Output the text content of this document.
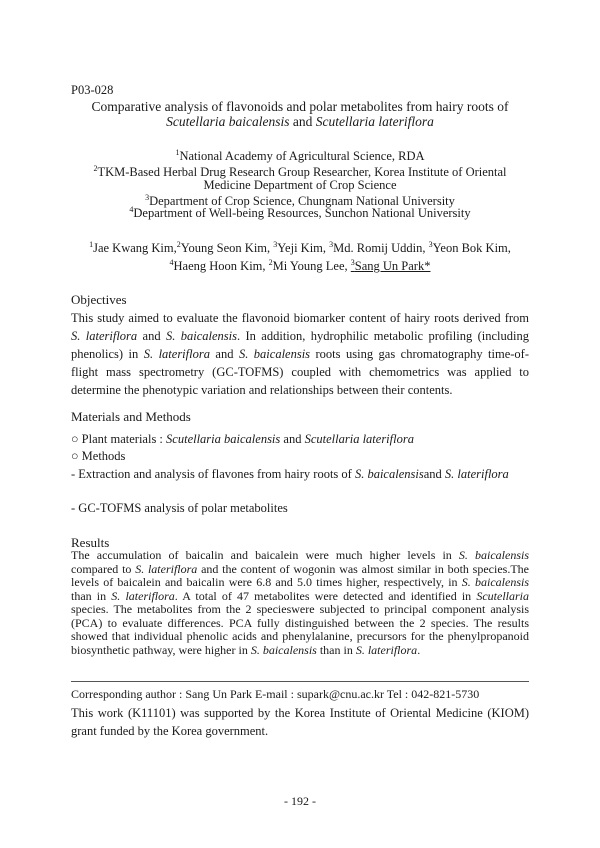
P03-028
Comparative analysis of flavonoids and polar metabolites from hairy roots of
Scutellaria baicalensis and Scutellaria lateriflora
$^1$National Academy of Agricultural Science, RDA
$^2$TKM-Based Herbal Drug Research Group Researcher, Korea Institute of Oriental
Medicine Department of Crop Science
$^3$Department of Crop Science, Chungnam National University
$^4$Department of Well-being Resources, Sunchon National University
$^1$Jae Kwang Kim,$^2$Young Seon Kim, $^3$Yeji Kim, $^3$Md. Romij Uddin, $^3$Yeon Bok Kim,
$^4$Haeng Hoon Kim, $^2$Mi Young Lee, $^3$Sang Un Park*
Objectives
This study aimed to evaluate the flavonoid biomarker content of hairy roots derived from S. lateriflora and S. baicalensis. In addition, hydrophilic metabolic profiling (including phenolics) in S. lateriflora and S. baicalensis roots using gas chromatography time-of-flight mass spectrometry (GC-TOFMS) coupled with chemometrics was applied to determine the phenotypic variation and relationships between their contents.
Materials and Methods
○ Plant materials : Scutellaria baicalensis and Scutellaria lateriflora
○ Methods
- Extraction and analysis of flavones from hairy roots of S. baicalensisand S. lateriflora
- GC-TOFMS analysis of polar metabolites
Results
The accumulation of baicalin and baicalein were much higher levels in S. baicalensis compared to S. lateriflora and the content of wogonin was almost similar in both species.The levels of baicalein and baicalin were 6.8 and 5.0 times higher, respectively, in S. baicalensis than in S. lateriflora. A total of 47 metabolites were detected and identified in Scutellaria species. The metabolites from the 2 specieswere subjected to principal component analysis (PCA) to evaluate differences. PCA fully distinguished between the 2 species. The results showed that individual phenolic acids and phenylalanine, precursors for the phenylpropanoid biosynthetic pathway, were higher in S. baicalensis than in S. lateriflora.
Corresponding author : Sang Un Park E-mail : supark@cnu.ac.kr Tel : 042-821-5730
This work (K11101) was supported by the Korea Institute of Oriental Medicine (KIOM) grant funded by the Korea government.
- 192 -
